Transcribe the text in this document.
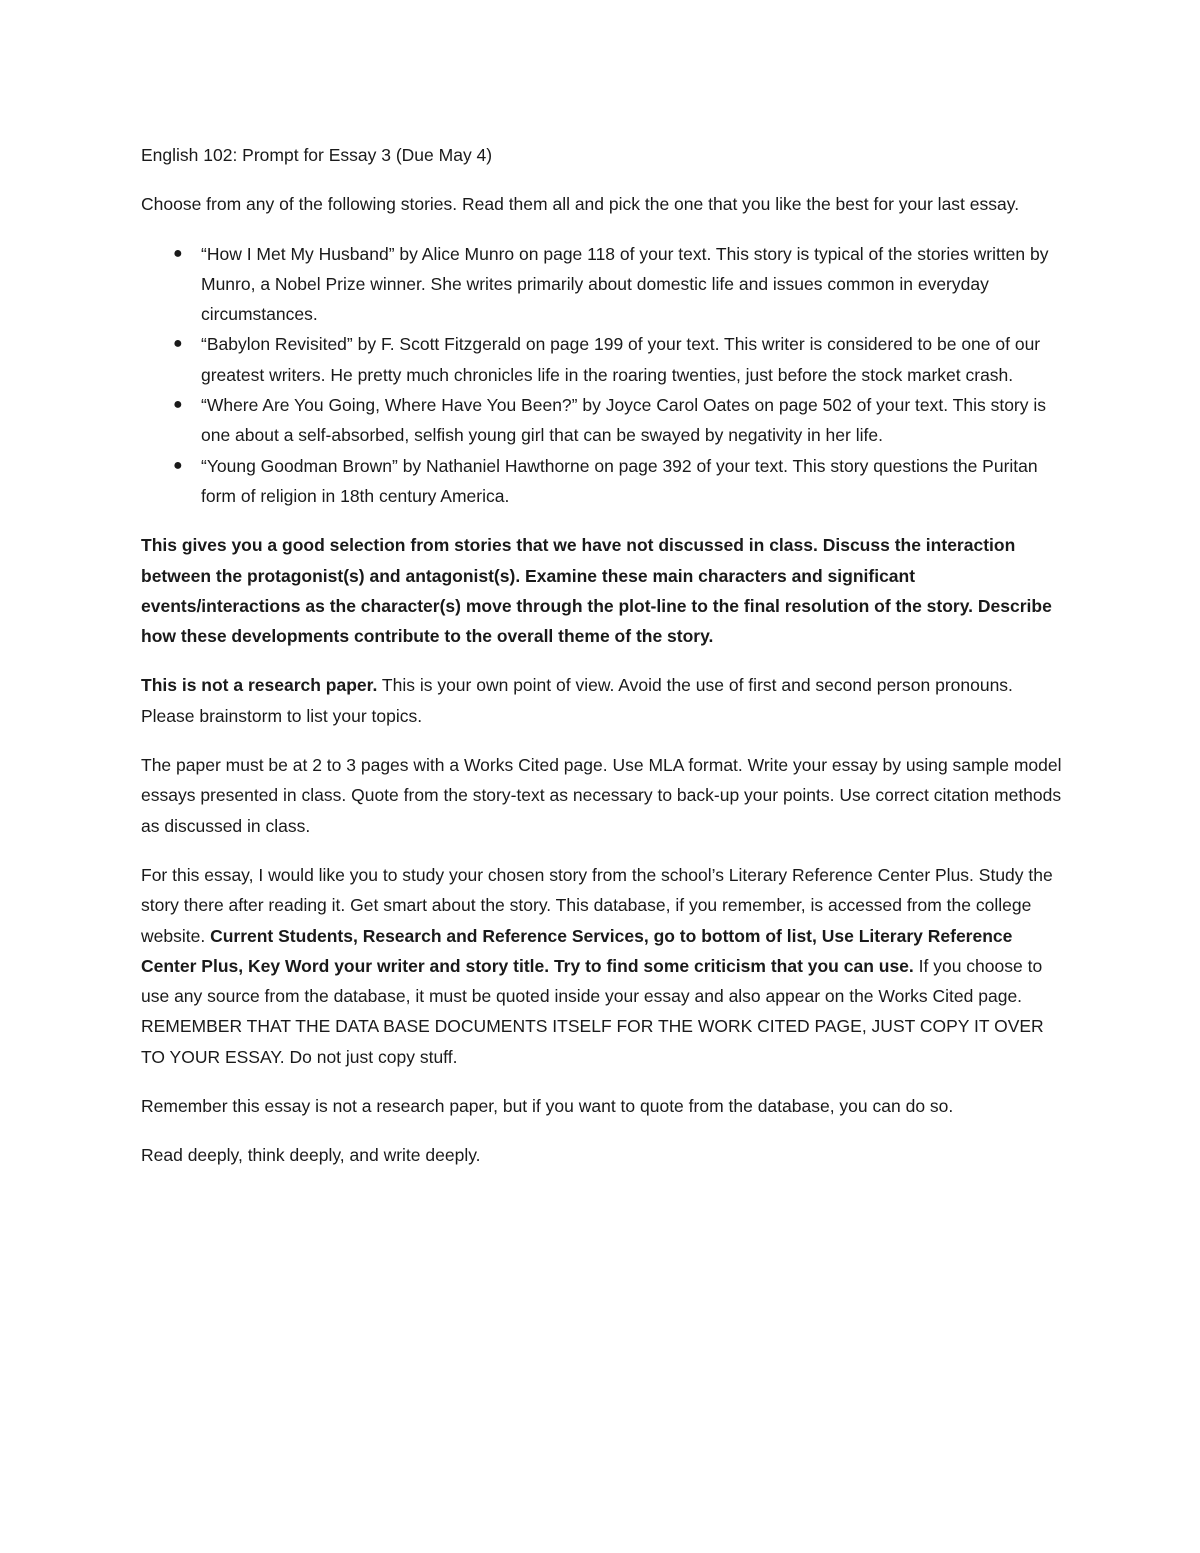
English 102: Prompt for Essay 3 (Due May 4)

Choose from any of the following stories. Read them all and pick the one that you like the best for your last essay.

● “How I Met My Husband” by Alice Munro on page 118 of your text. This story is typical of the stories written by Munro, a Nobel Prize winner. She writes primarily about domestic life and issues common in everyday circumstances.
● “Babylon Revisited” by F. Scott Fitzgerald on page 199 of your text. This writer is considered to be one of our greatest writers. He pretty much chronicles life in the roaring twenties, just before the stock market crash.
● “Where Are You Going, Where Have You Been?” by Joyce Carol Oates on page 502 of your text. This story is one about a self-absorbed, selfish young girl that can be swayed by negativity in her life.
● “Young Goodman Brown” by Nathaniel Hawthorne on page 392 of your text. This story questions the Puritan form of religion in 18th century America.

This gives you a good selection from stories that we have not discussed in class. Discuss the interaction between the protagonist(s) and antagonist(s). Examine these main characters and significant events/interactions as the character(s) move through the plot-line to the final resolution of the story. Describe how these developments contribute to the overall theme of the story.

This is not a research paper. This is your own point of view. Avoid the use of first and second person pronouns. Please brainstorm to list your topics.

The paper must be at 2 to 3 pages with a Works Cited page. Use MLA format. Write your essay by using sample model essays presented in class. Quote from the story-text as necessary to back-up your points. Use correct citation methods as discussed in class.

For this essay, I would like you to study your chosen story from the school’s Literary Reference Center Plus. Study the story there after reading it. Get smart about the story. This database, if you remember, is accessed from the college website. Current Students, Research and Reference Services, go to bottom of list, Use Literary Reference Center Plus, Key Word your writer and story title. Try to find some criticism that you can use. If you choose to use any source from the database, it must be quoted inside your essay and also appear on the Works Cited page. REMEMBER THAT THE DATA BASE DOCUMENTS ITSELF FOR THE WORK CITED PAGE, JUST COPY IT OVER TO YOUR ESSAY. Do not just copy stuff.

Remember this essay is not a research paper, but if you want to quote from the database, you can do so.

Read deeply, think deeply, and write deeply.
